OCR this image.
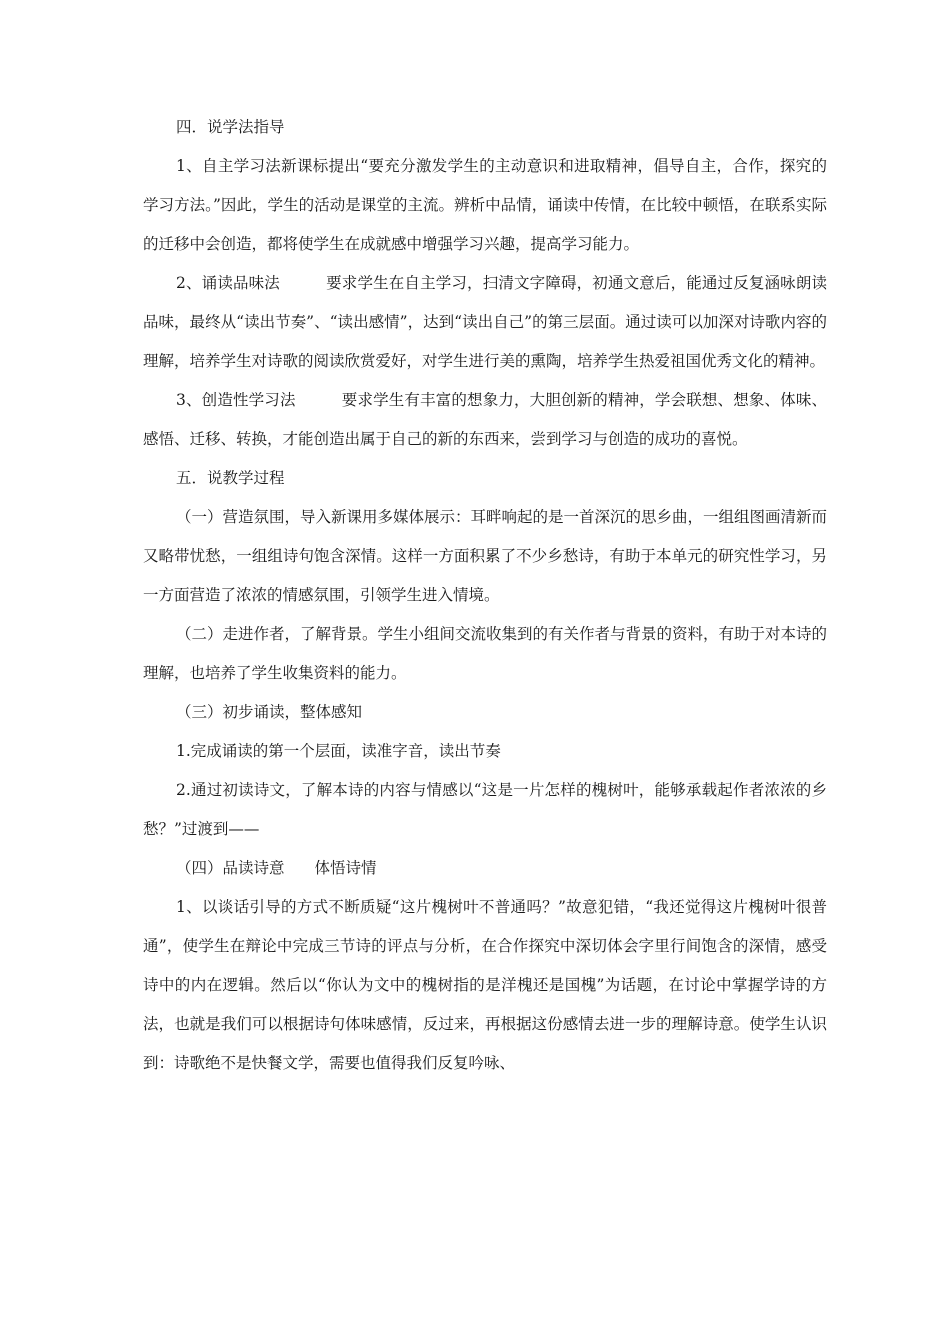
四．说学法指导

1、自主学习法新课标提出“要充分激发学生的主动意识和进取精神，倡导自主，合作，探究的学习方法。”因此，学生的活动是课堂的主流。辨析中品情，诵读中传情，在比较中顿悟，在联系实际的迁移中会创造，都将使学生在成就感中增强学习兴趣，提高学习能力。

2、诵读品味法	要求学生在自主学习，扫清文字障碍，初通文意后，能通过反复涵咏朗读品味，最终从“读出节奏”、“读出感情”，达到“读出自己”的第三层面。通过读可以加深对诗歌内容的理解，培养学生对诗歌的阅读欣赏爱好，对学生进行美的熏陶，培养学生热爱祖国优秀文化的精神。

3、创造性学习法	要求学生有丰富的想象力，大胆创新的精神，学会联想、想象、体味、感悟、迁移、转换，才能创造出属于自己的新的东西来，尝到学习与创造的成功的喜悦。

五．说教学过程

（一）营造氛围，导入新课用多媒体展示：耳畔响起的是一首深沉的思乡曲，一组组图画清新而又略带忧愁，一组组诗句饱含深情。这样一方面积累了不少乡愁诗，有助于本单元的研究性学习，另一方面营造了浓浓的情感氛围，引领学生进入情境。

（二）走进作者，了解背景。学生小组间交流收集到的有关作者与背景的资料，有助于对本诗的理解，也培养了学生收集资料的能力。

（三）初步诵读，整体感知

1.完成诵读的第一个层面，读准字音，读出节奏

2.通过初读诗文，了解本诗的内容与情感以“这是一片怎样的槐树叶，能够承载起作者浓浓的乡愁？”过渡到——

（四）品读诗意 体悟诗情

1、以谈话引导的方式不断质疑“这片槐树叶不普通吗？”故意犯错，“我还觉得这片槐树叶很普通”，使学生在辩论中完成三节诗的评点与分析，在合作探究中深切体会字里行间饱含的深情，感受诗中的内在逻辑。然后以“你认为文中的槐树指的是洋槐还是国槐”为话题，在讨论中掌握学诗的方法，也就是我们可以根据诗句体味感情，反过来，再根据这份感情去进一步的理解诗意。使学生认识到：诗歌绝不是快餐文学，需要也值得我们反复吟咏、
